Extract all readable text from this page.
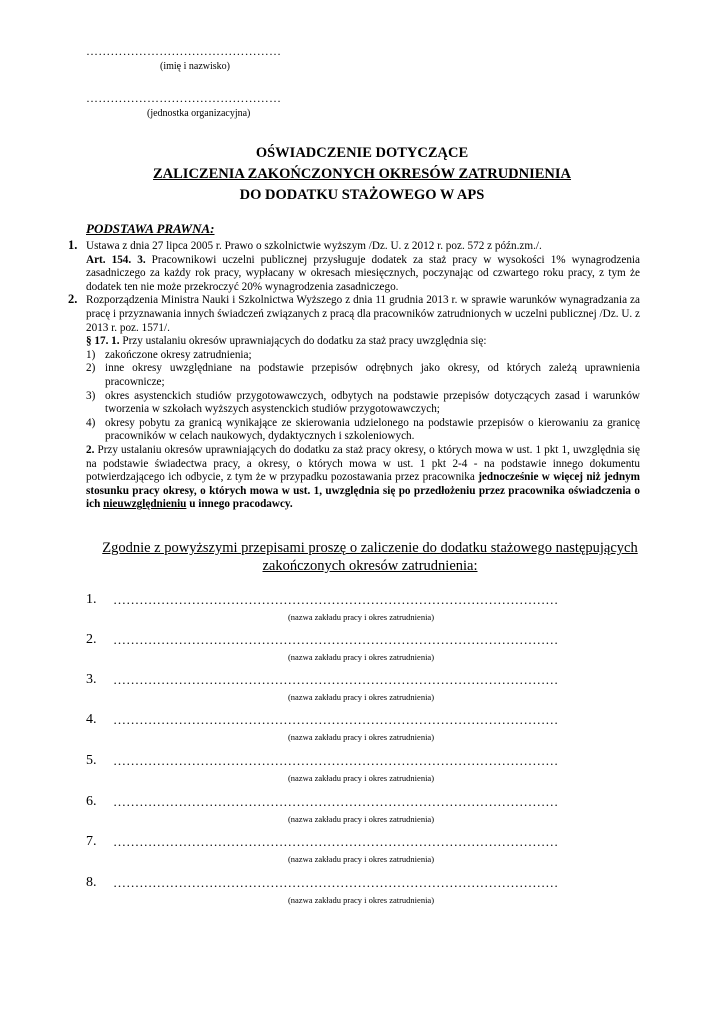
…………………………………………
(imię i nazwisko)
…………………………………………
(jednostka organizacyjna)
OŚWIADCZENIE DOTYCZĄCE
ZALICZENIA ZAKOŃCZONYCH OKRESÓW ZATRUDNIENIA
DO DODATKU STAŻOWEGO W APS
PODSTAWA PRAWNA:

1. Ustawa z dnia 27 lipca 2005 r. Prawo o szkolnictwie wyższym /Dz. U. z 2012 r. poz. 572 z późn.zm./.

Art. 154. 3. Pracownikowi uczelni publicznej przysługuje dodatek za staż pracy w wysokości 1% wynagrodzenia zasadniczego za każdy rok pracy, wypłacany w okresach miesięcznych, poczynając od czwartego roku pracy, z tym że dodatek ten nie może przekroczyć 20% wynagrodzenia zasadniczego.

2. Rozporządzenia Ministra Nauki i Szkolnictwa Wyższego z dnia 11 grudnia 2013 r. w sprawie warunków wynagradzania za pracę i przyznawania innych świadczeń związanych z pracą dla pracowników zatrudnionych w uczelni publicznej /Dz. U. z 2013 r. poz. 1571/.

§ 17. 1. Przy ustalaniu okresów uprawniających do dodatku za staż pracy uwzględnia się:

1) zakończone okresy zatrudnienia;

2) inne okresy uwzględniane na podstawie przepisów odrębnych jako okresy, od których zależą uprawnienia pracownicze;

3) okres asystenckich studiów przygotowawczych, odbytych na podstawie przepisów dotyczących zasad i warunków tworzenia w szkołach wyższych asystenckich studiów przygotowawczych;

4) okresy pobytu za granicą wynikające ze skierowania udzielonego na podstawie przepisów o kierowaniu za granicę pracowników w celach naukowych, dydaktycznych i szkoleniowych.

2. Przy ustalaniu okresów uprawniających do dodatku za staż pracy okresy, o których mowa w ust. 1 pkt 1, uwzględnia się na podstawie świadectwa pracy, a okresy, o których mowa w ust. 1 pkt 2-4 - na podstawie innego dokumentu potwierdzającego ich odbycie, z tym że w przypadku pozostawania przez pracownika jednocześnie w więcej niż jednym stosunku pracy okresy, o których mowa w ust. 1, uwzględnia się po przedłożeniu przez pracownika oświadczenia o ich nieuwzględnieniu u innego pracodawcy.

Zgodnie z powyższymi przepisami proszę o zaliczenie do dodatku stażowego następujących zakończonych okresów zatrudnienia:
1. …………………………………………………………………………………………
(nazwa zakładu pracy i okres zatrudnienia)
2. …………………………………………………………………………………………
(nazwa zakładu pracy i okres zatrudnienia)
3. …………………………………………………………………………………………
(nazwa zakładu pracy i okres zatrudnienia)
4. …………………………………………………………………………………………
(nazwa zakładu pracy i okres zatrudnienia)
5. …………………………………………………………………………………………
(nazwa zakładu pracy i okres zatrudnienia)
6. …………………………………………………………………………………………
(nazwa zakładu pracy i okres zatrudnienia)
7. …………………………………………………………………………………………
(nazwa zakładu pracy i okres zatrudnienia)
8. …………………………………………………………………………………………
(nazwa zakładu pracy i okres zatrudnienia)
